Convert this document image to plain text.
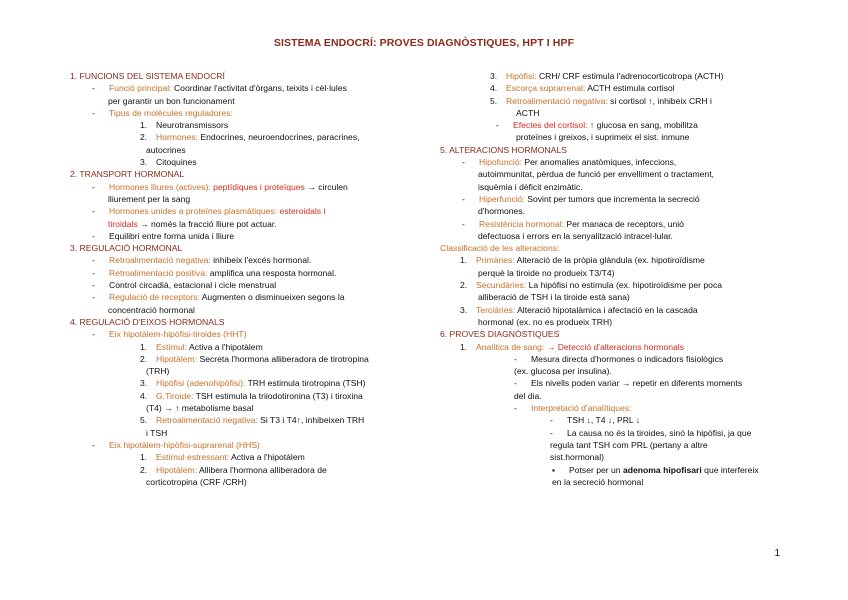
SISTEMA ENDOCRÍ: PROVES DIAGNÒSTIQUES, HPT I HPF
1. FUNCIONS DEL SISTEMA ENDOCRÍ
- Funció principal: Coordinar l'activitat d'òrgans, teixits i cèl·lules
per garantir un bon funcionament
- Tipus de molècules reguladores:
1. Neurotransmissors
2. Hormones: Endocrines, neuroendocrines, paracrines,
autocrines
3. Citoquines
2. TRANSPORT HORMONAL
- Hormones lliures (actives): peptídiques i proteïques → circulen
lliurement per la sang
- Hormones unides a proteïnes plasmàtiques: esteroidals i
tiroidals → només la fracció lliure pot actuar.
- Equilibri entre forma unida i lliure
3. REGULACIÓ HORMONAL
- Retroalimentació negativa: inhibeix l'excés hormonal.
- Retroalimentació positiva: amplifica una resposta hormonal.
- Control circadià, estacional i cicle menstrual
- Regulació de receptors: Augmenten o disminueixen segons la
concentració hormonal
4. REGULACIÓ D'EIXOS HORMONALS
- Eix hipotàlem-hipòfisi-tiroides (HHT)
1. Estímul: Activa a l'hipotàlem
2. Hipotàlem: Secreta l'hormona alliberadora de tirotropina
(TRH)
3. Hipòfisi (adenohipòfisi): TRH estimula tirotropina (TSH)
4. G.Tiroide: TSH estimula la triiodotironina (T3) i tiroxina
(T4) → ↑ metabolisme basal
5. Retroalimentació negativa: Si T3 i T4↑, inhibeixen TRH
i TSH
- Eix hipotàlem-hipòfisi-suprarenal (HHS)
1. Estímul estressant: Activa a l'hipotàlem
2. Hipotàlem: Allibera l'hormona alliberadora de
corticotropina (CRF /CRH)
3. Hipòfisi: CRH/ CRF estimula l'adrenocorticotropa (ACTH)
4. Escorça suprarrenal: ACTH estimula cortisol
5. Retroalimentació negativa: si cortisol ↑, inhibeix CRH i
ACTH
- Efectes del cortisol: ↑ glucosa en sang, mobilitza
proteïnes i greixos, i suprimeix el sist. inmune
5. ALTERACIONS HORMONALS
- Hipofunció: Per anomalies anatòmiques, infeccions,
autoimmunitat, pèrdua de funció per envelliment o tractament,
isquèmia i dèficit enzimàtic.
- Hiperfunció: Sovint per tumors que incrementa la secreció
d'hormones.
- Resistència hormonal: Per manaca de receptors, unió
defectuosa i errors en la senyalització intracel·lular.
Classificació de les alteracions:
1. Primàries: Alteració de la pròpia glàndula (ex. hipotiroïdisme
perquè la tiroide no produeix T3/T4)
2. Secundàries: La hipòfisi no estimula (ex. hipotiroïdisme per poca
alliberació de TSH i la tiroide està sana)
3. Terciàries: Alteració hipotalàmica i afectació en la cascada
hormonal (ex. no es produeix TRH)
6. PROVES DIAGNÒSTIQUES
1. Analítica de sang: → Detecció d'alteracions hormonals
- Mesura directa d'hormones o indicadors fisiològics
(ex. glucosa per insulina).
- Els nivells poden variar → repetir en diferents moments
del dia.
- Interpretació d'analítiques:
- TSH ↓, T4 ↓, PRL ↓
- La causa no és la tiroides, sinó la hipòfisi, ja que
regula tant TSH com PRL (pertany a altre
sist.hormonal)
▪ Potser per un adenoma hipofisari que interfereix
en la secreció hormonal
1
